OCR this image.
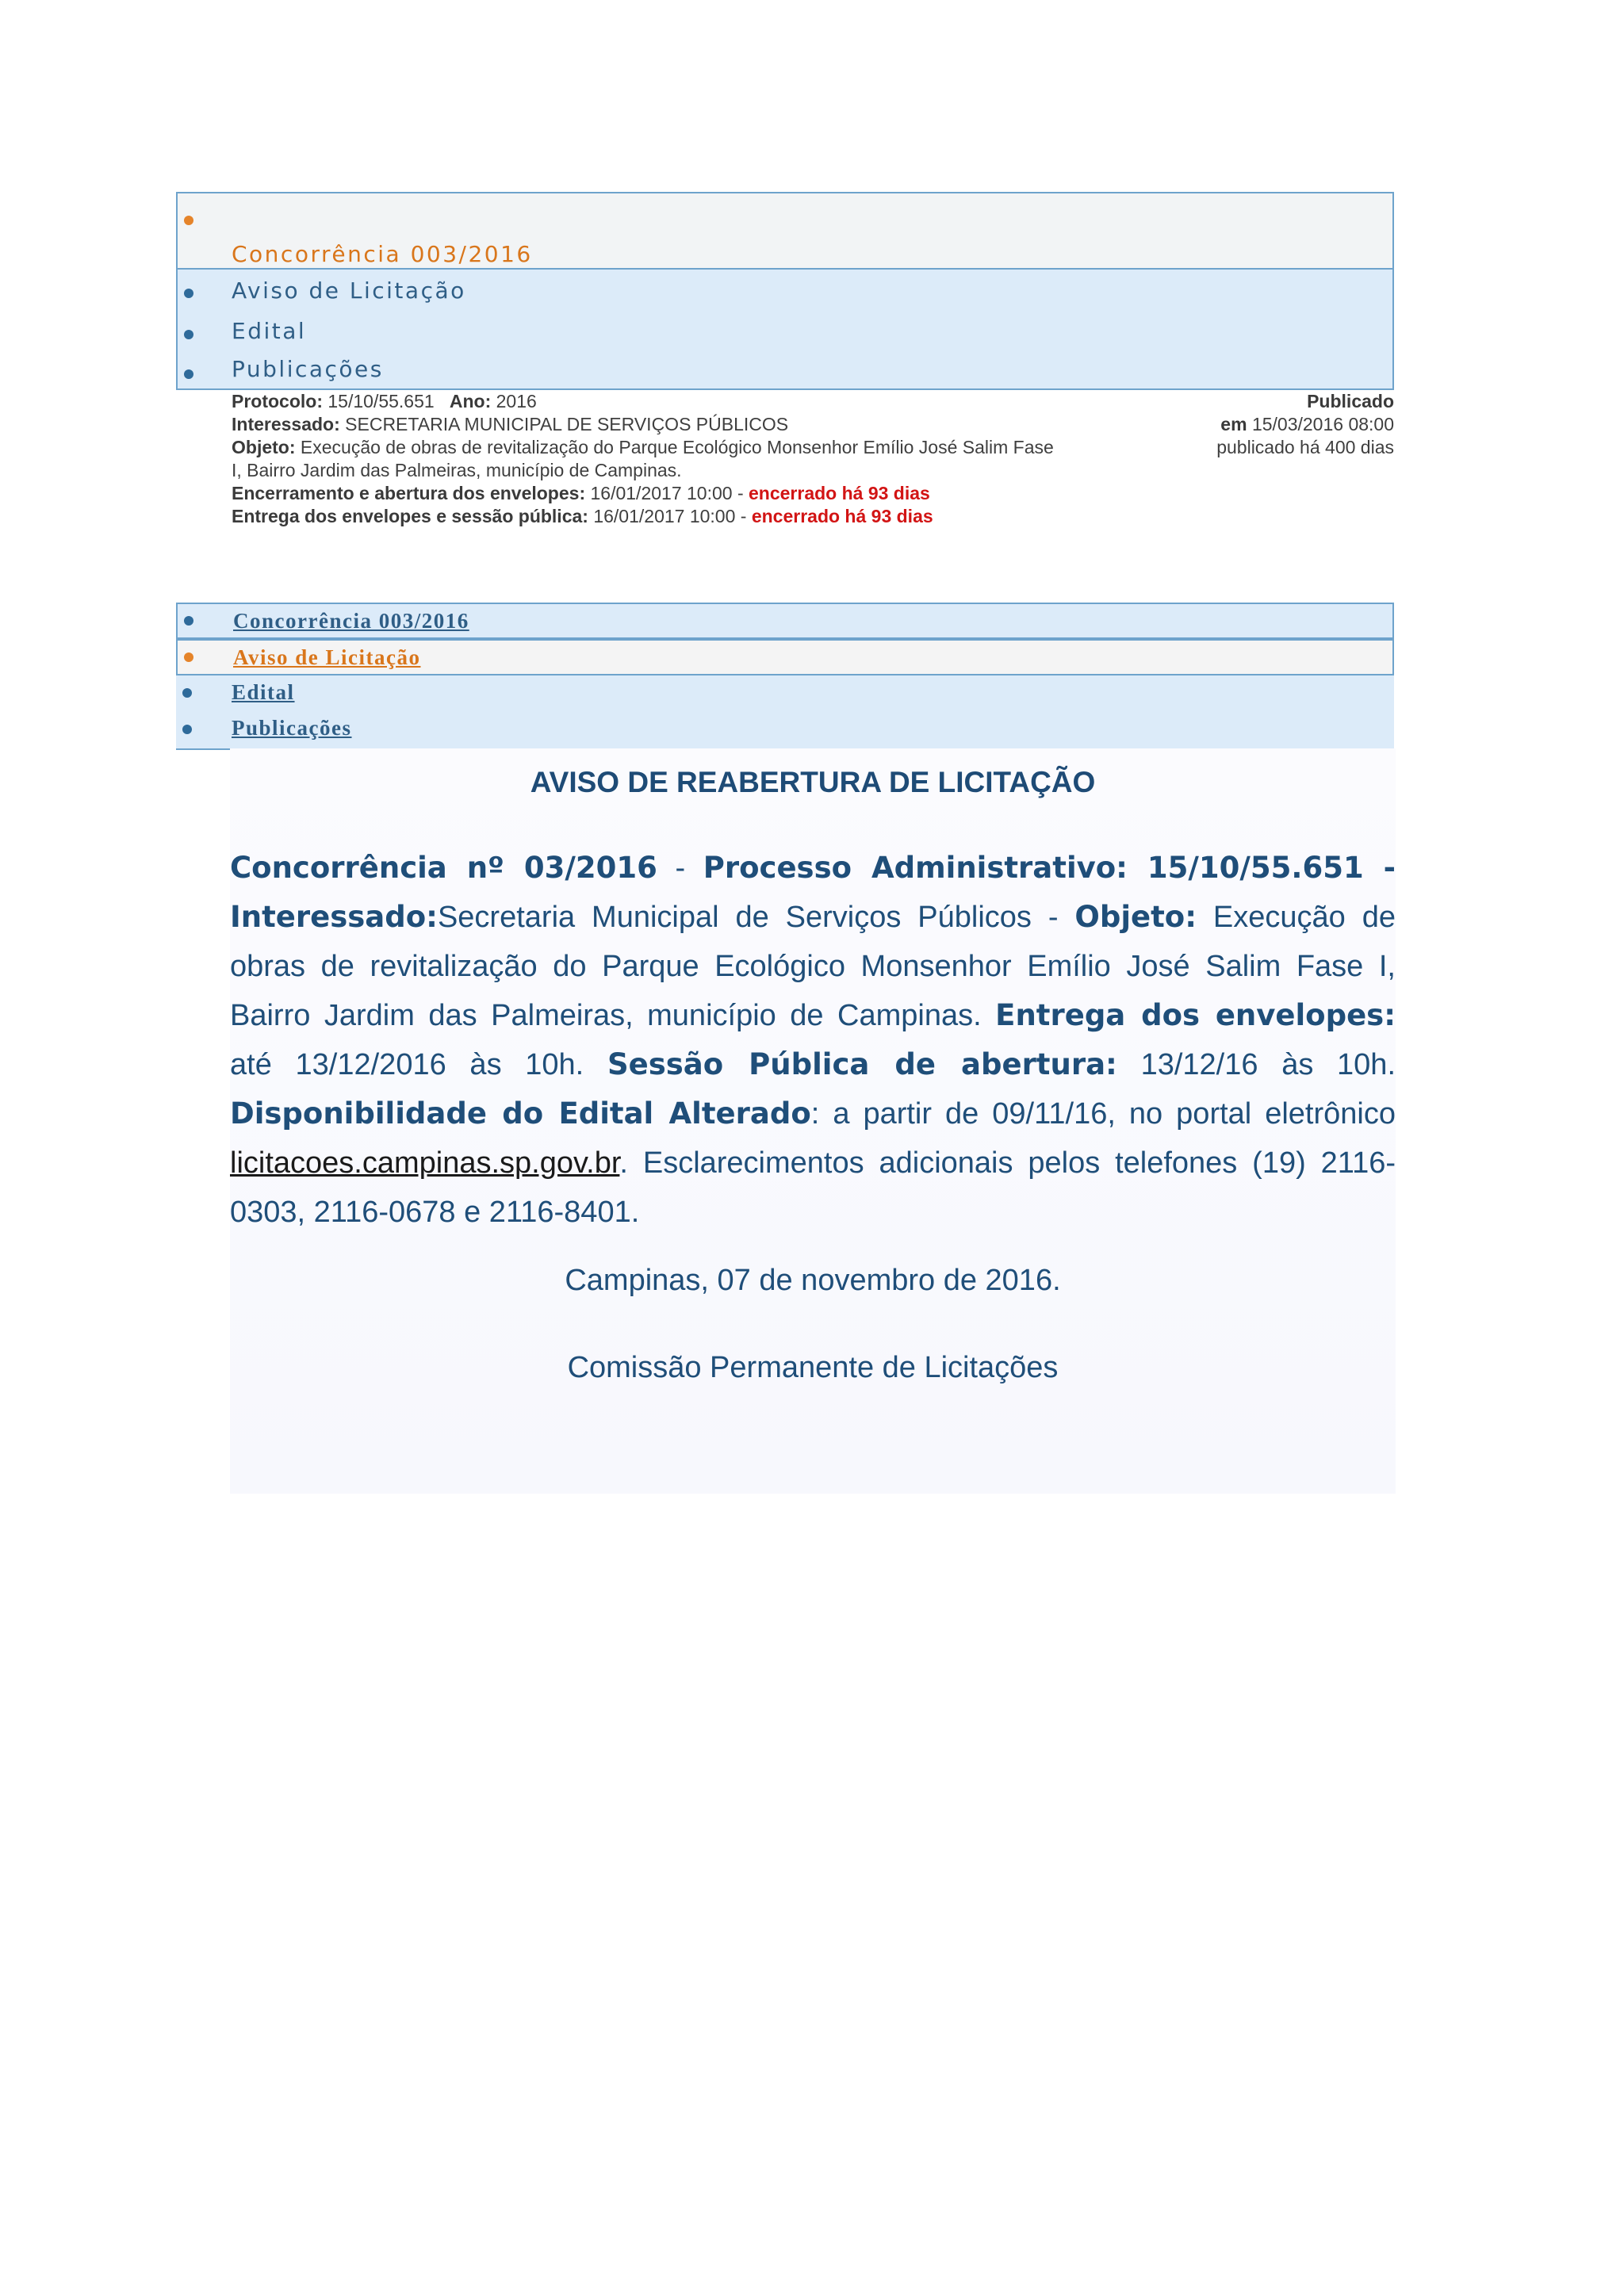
Concorrência 003/2016
Aviso de Licitação
Edital
Publicações
Protocolo: 15/10/55.651 Ano: 2016
Interessado: SECRETARIA MUNICIPAL DE SERVIÇOS PÚBLICOS
Objeto: Execução de obras de revitalização do Parque Ecológico Monsenhor Emílio José Salim Fase
I, Bairro Jardim das Palmeiras, município de Campinas.
Encerramento e abertura dos envelopes: 16/01/2017 10:00 - encerrado há 93 dias
Entrega dos envelopes e sessão pública: 16/01/2017 10:00 - encerrado há 93 dias
Publicado
em 15/03/2016 08:00
publicado há 400 dias
Concorrência 003/2016
Aviso de Licitação
Edital
Publicações
AVISO DE REABERTURA DE LICITAÇÃO
Concorrência nº 03/2016 - Processo Administrativo: 15/10/55.651 - Interessado:Secretaria Municipal de Serviços Públicos - Objeto: Execução de obras de revitalização do Parque Ecológico Monsenhor Emílio José Salim Fase I, Bairro Jardim das Palmeiras, município de Campinas. Entrega dos envelopes: até 13/12/2016 às 10h. Sessão Pública de abertura: 13/12/16 às 10h. Disponibilidade do Edital Alterado: a partir de 09/11/16, no portal eletrônico licitacoes.campinas.sp.gov.br. Esclarecimentos adicionais pelos telefones (19) 2116-0303, 2116-0678 e 2116-8401.
Campinas, 07 de novembro de 2016.
Comissão Permanente de Licitações
